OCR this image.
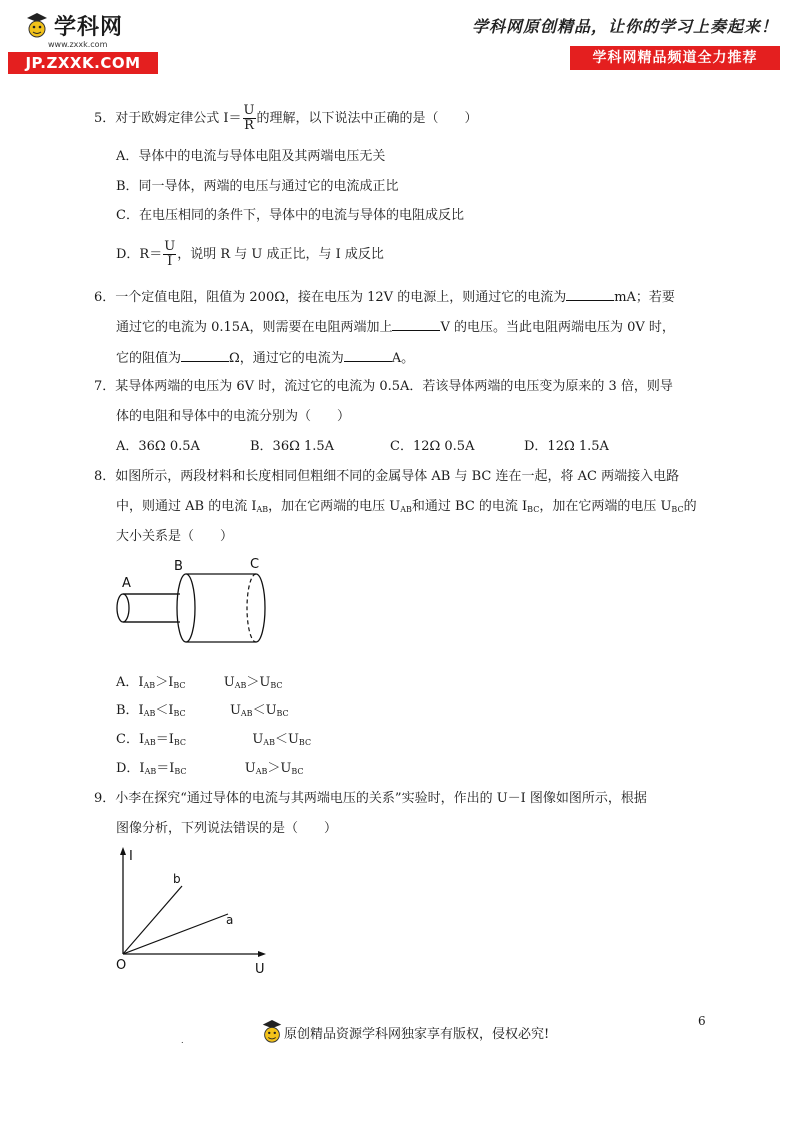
学科网
www.zxxk.com
JP.ZXXK.COM
学科网原创精品，让你的学习上奏起来！
学科网精品频道全力推荐
5．对于欧姆定律公式 $I= \frac{U}{R}$ 的理解，以下说法中正确的是（　　）
A．导体中的电流与导体电阻及其两端电压无关
B．同一导体，两端的电压与通过它的电流成正比
C．在电压相同的条件下，导体中的电流与导体的电阻成反比
D．$R= \frac{U}{I}$ ，说明 R 与 U 成正比，与 I 成反比
6．一个定值电阻，阻值为 200Ω，接在电压为 12V 的电源上，则通过它的电流为	mA；若要
通过它的电流为 0.15A，则需要在电阻两端加上	V 的电压。当此电阻两端电压为 0V 时，
它的阻值为	Ω，通过它的电流为	A。
7．某导体两端的电压为 6V 时，流过它的电流为 0.5A．若该导体两端的电压变为原来的 3 倍，则导
体的电阻和导体中的电流分别为（　　）
A．36Ω 0.5A	B．36Ω 1.5A	C．12Ω 0.5A	D．12Ω 1.5A
8．如图所示，两段材料和长度相同但粗细不同的金属导体 AB 与 BC 连在一起，将 AC 两端接入电路
中，则通过 AB 的电流 $I_{AB}$，加在它两端的电压 $U_{AB}$和通过 BC 的电流 $I_{BC}$，加在它两端的电压 $U_{BC}$的
大小关系是（　　）
A
B	C
A．$I_{AB}>I_{BC}$	$U_{AB}>U_{BC}$
B．$I_{AB}<I_{BC}$	$U_{AB}<U_{BC}$
C．$I_{AB}=I_{BC}$	$U_{AB}<U_{BC}$
D．$I_{AB}=I_{BC}$	$U_{AB}>U_{BC}$
9．小李在探究“通过导体的电流与其两端电压的关系”实验时，作出的 U－I 图像如图所示，根据
图像分析，下列说法错误的是（　　）
I
U
O
b
a
6
.	原创精品资源学科网独家享有版权，侵权必究!
